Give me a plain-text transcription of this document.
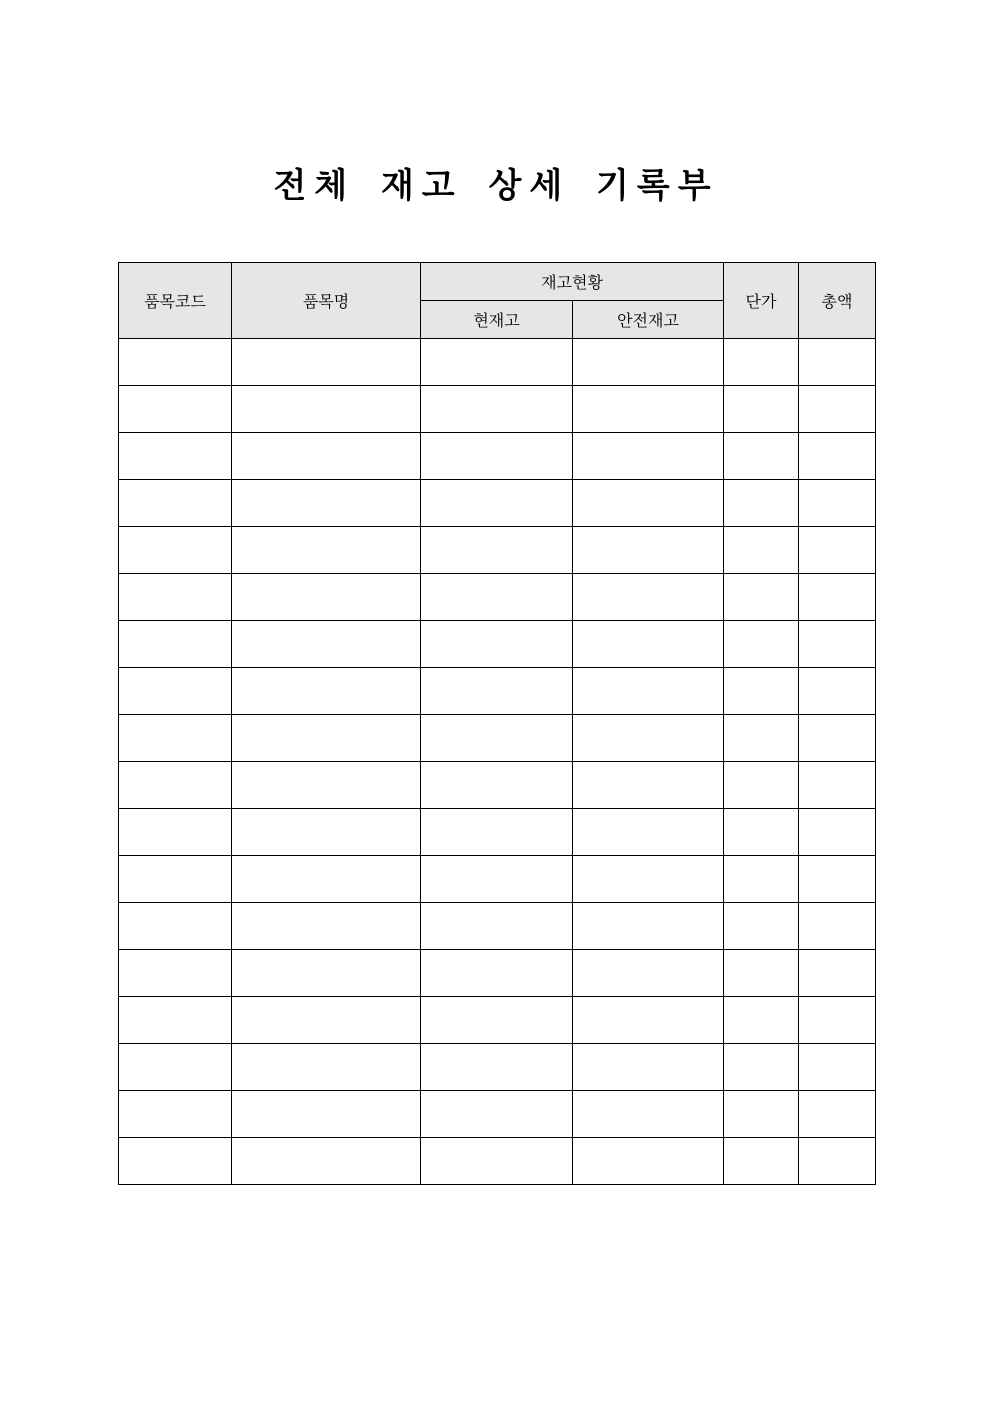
전체 재고 상세 기록부
품목코드	품목명	재고현황		단가	총액
		현재고	안전재고		
